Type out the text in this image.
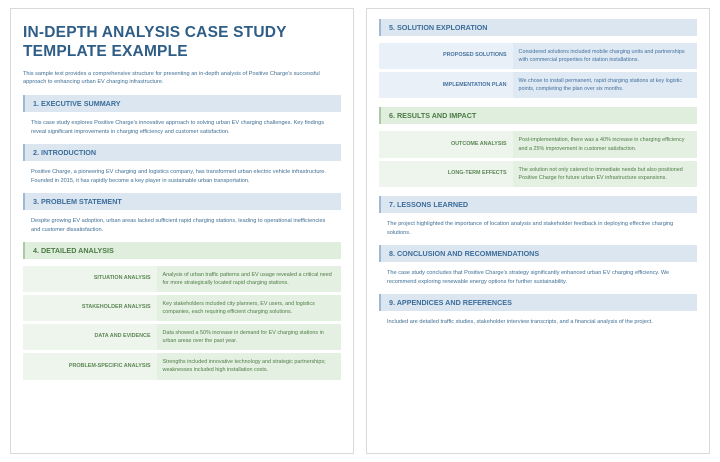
IN-DEPTH ANALYSIS CASE STUDY TEMPLATE EXAMPLE
This sample text provides a comprehensive structure for presenting an in-depth analysis of Positive Charge's successful approach to enhancing urban EV charging infrastructure.
1. EXECUTIVE SUMMARY
This case study explores Positive Charge's innovative approach to solving urban EV charging challenges. Key findings reveal significant improvements in charging efficiency and customer satisfaction.
2. INTRODUCTION
Positive Charge, a pioneering EV charging and logistics company, has transformed urban electric vehicle infrastructure. Founded in 2015, it has rapidly become a key player in sustainable urban transportation.
3. PROBLEM STATEMENT
Despite growing EV adoption, urban areas lacked sufficient rapid charging stations, leading to operational inefficiencies and customer dissatisfaction.
4. DETAILED ANALYSIS
SITUATION ANALYSIS
Analysis of urban traffic patterns and EV usage revealed a critical need for more strategically located rapid charging stations.
STAKEHOLDER ANALYSIS
Key stakeholders included city planners, EV users, and logistics companies, each requiring efficient charging solutions.
DATA AND EVIDENCE
Data showed a 50% increase in demand for EV charging stations in urban areas over the past year.
PROBLEM-SPECIFIC ANALYSIS
Strengths included innovative technology and strategic partnerships; weaknesses included high installation costs.
5. SOLUTION EXPLORATION
PROPOSED SOLUTIONS
Considered solutions included mobile charging units and partnerships with commercial properties for station installations.
IMPLEMENTATION PLAN
We chose to install permanent, rapid charging stations at key logistic points, completing the plan over six months.
6. RESULTS AND IMPACT
OUTCOME ANALYSIS
Post-implementation, there was a 40% increase in charging efficiency and a 25% improvement in customer satisfaction.
LONG-TERM EFFECTS
The solution not only catered to immediate needs but also positioned Positive Charge for future urban EV infrastructure expansions.
7. LESSONS LEARNED
The project highlighted the importance of location analysis and stakeholder feedback in deploying effective charging solutions.
8. CONCLUSION AND RECOMMENDATIONS
The case study concludes that Positive Charge's strategy significantly enhanced urban EV charging efficiency. We recommend exploring renewable energy options for further sustainability.
9. APPENDICES AND REFERENCES
Included are detailed traffic studies, stakeholder interview transcripts, and a financial analysis of the project.
